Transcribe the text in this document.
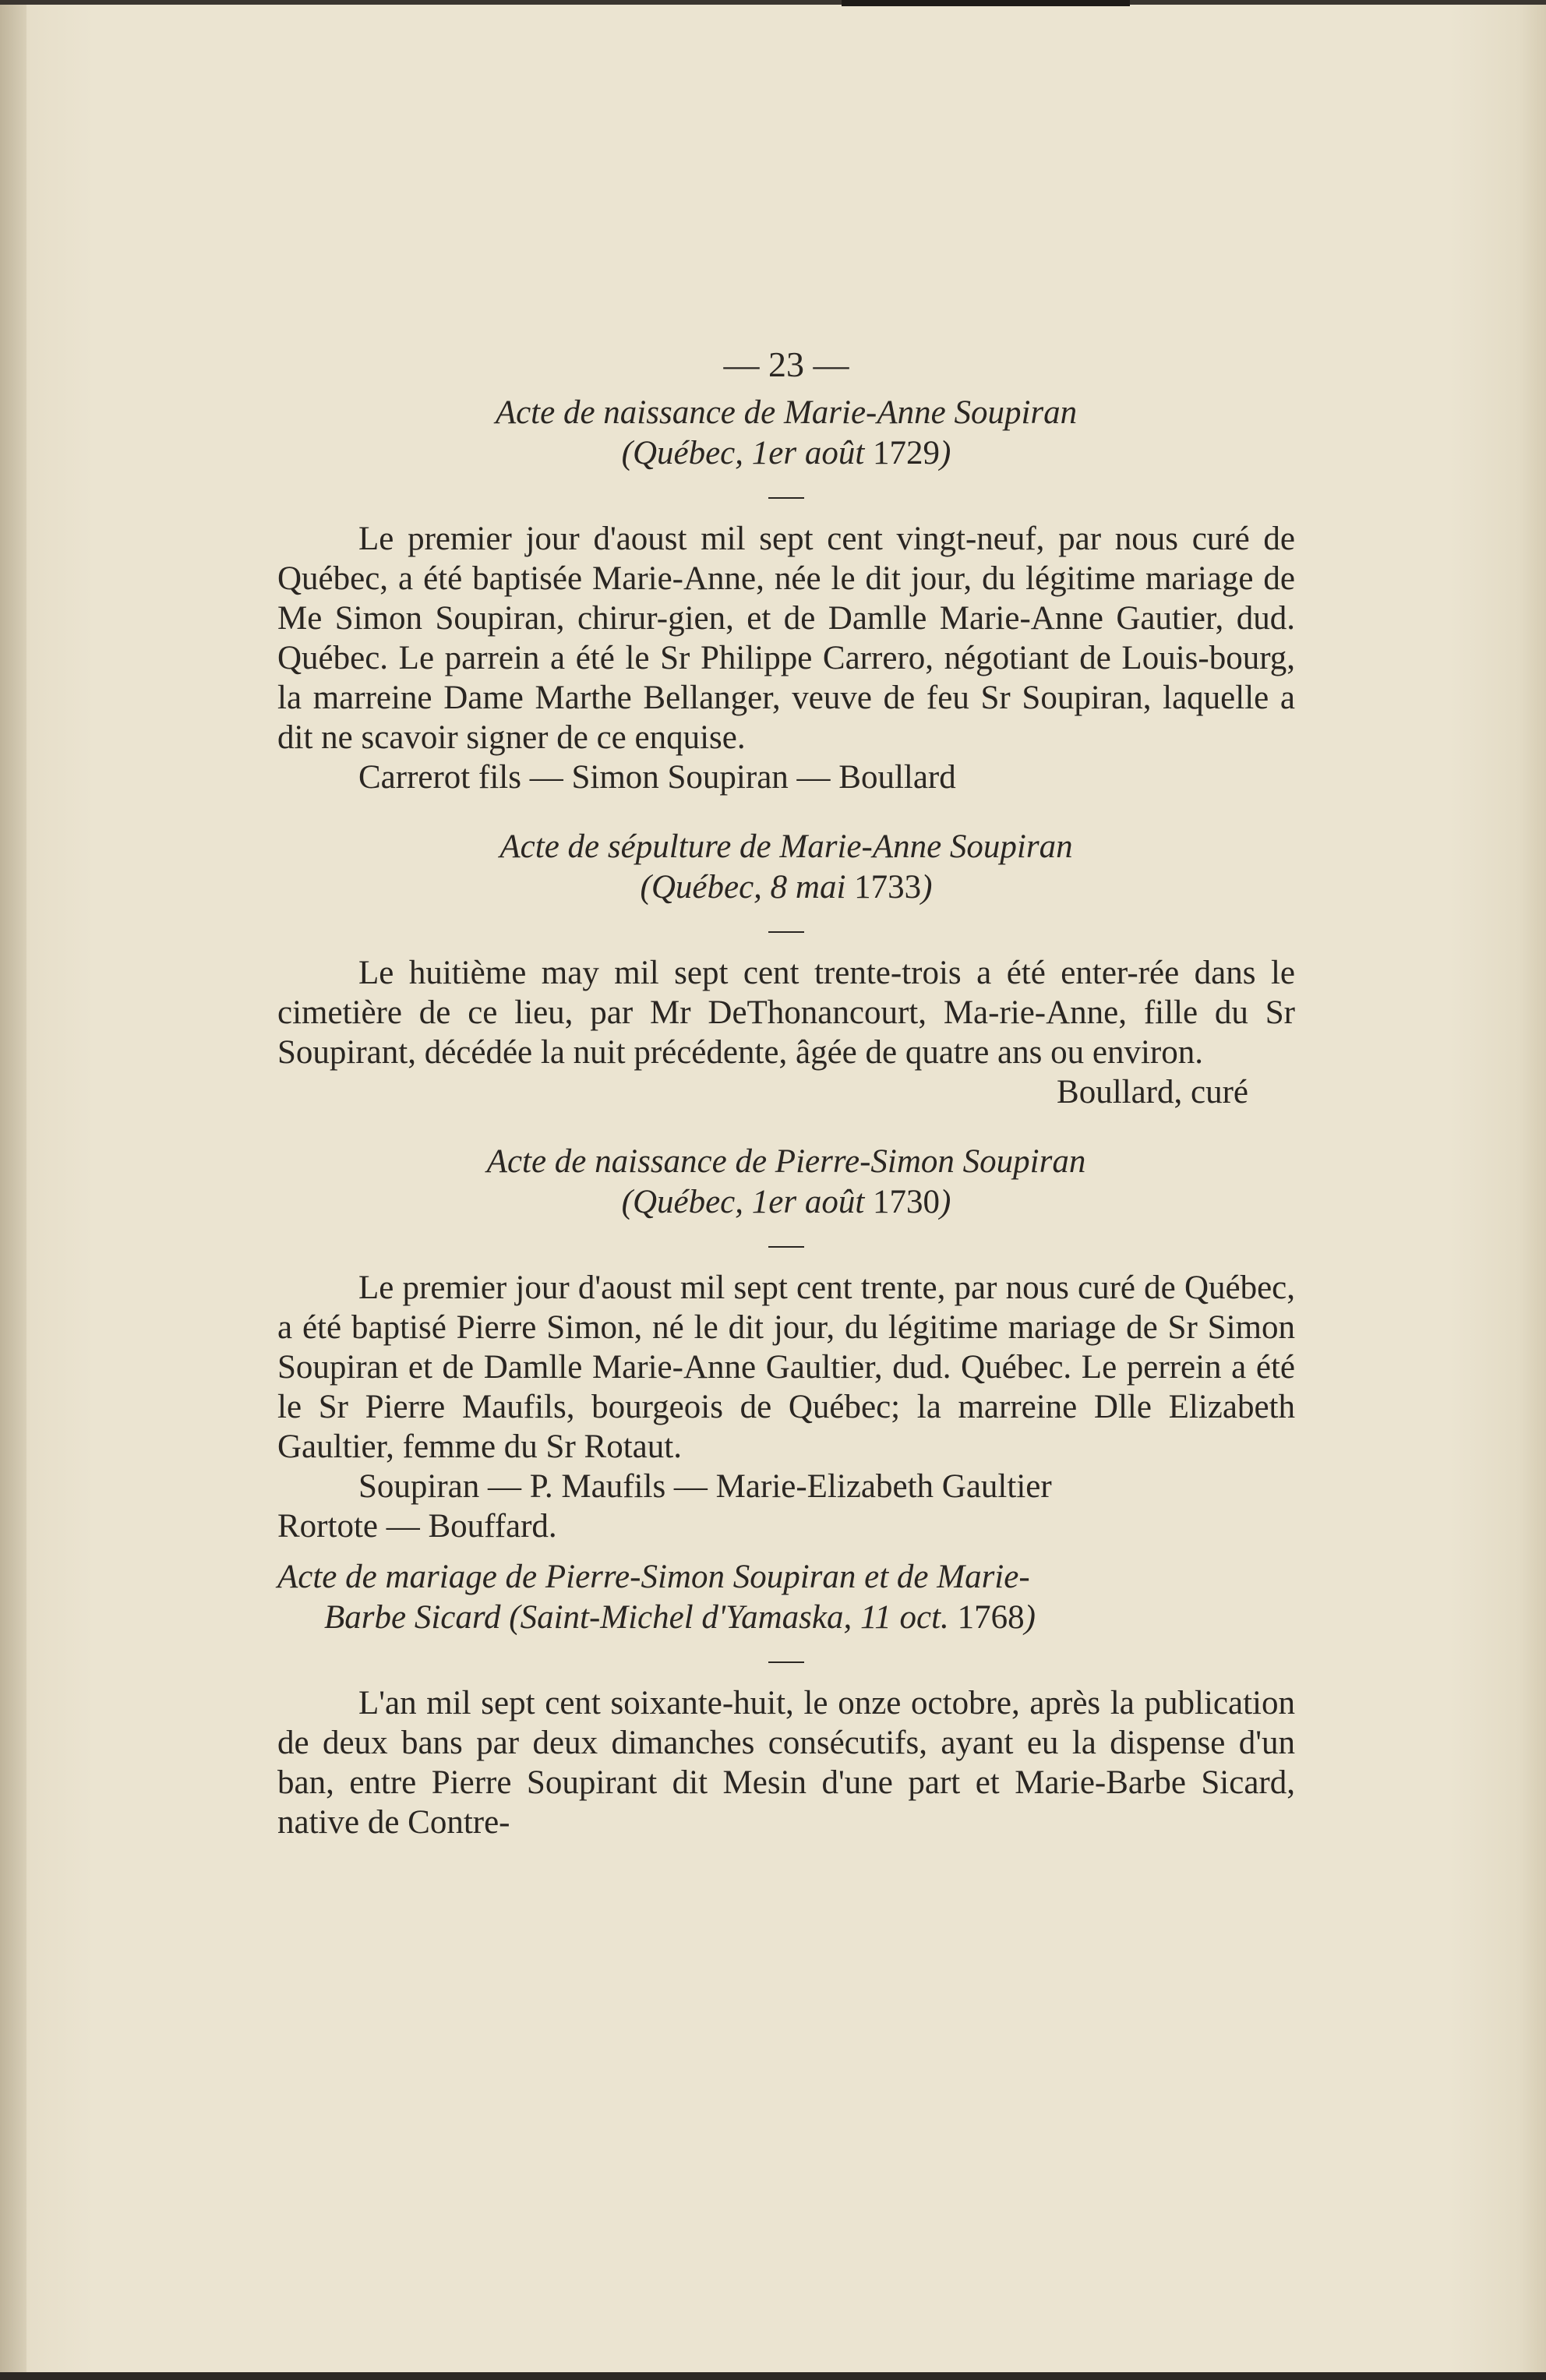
— 23 —

Acte de naissance de Marie-Anne Soupiran
(Québec, 1er août 1729)

Le premier jour d'aoust mil sept cent vingt-neuf, par nous curé de Québec, a été baptisée Marie-Anne, née le dit jour, du légitime mariage de Me Simon Soupiran, chirur-gien, et de Damlle Marie-Anne Gautier, dud. Québec. Le parrein a été le Sr Philippe Carrero, négotiant de Louis-bourg, la marreine Dame Marthe Bellanger, veuve de feu Sr Soupiran, laquelle a dit ne scavoir signer de ce enquise.

Carrerot fils — Simon Soupiran — Boullard

Acte de sépulture de Marie-Anne Soupiran
(Québec, 8 mai 1733)

Le huitième may mil sept cent trente-trois a été enter-rée dans le cimetière de ce lieu, par Mr DeThonancourt, Ma-rie-Anne, fille du Sr Soupirant, décédée la nuit précédente, âgée de quatre ans ou environ.

Boullard, curé

Acte de naissance de Pierre-Simon Soupiran
(Québec, 1er août 1730)

Le premier jour d'aoust mil sept cent trente, par nous curé de Québec, a été baptisé Pierre Simon, né le dit jour, du légitime mariage de Sr Simon Soupiran et de Damlle Marie-Anne Gaultier, dud. Québec. Le perrein a été le Sr Pierre Maufils, bourgeois de Québec; la marreine Dlle Elizabeth Gaultier, femme du Sr Rotaut.

Soupiran — P. Maufils — Marie-Elizabeth Gaultier

Rortote — Bouffard.

Acte de mariage de Pierre-Simon Soupiran et de Marie-
Barbe Sicard (Saint-Michel d'Yamaska, 11 oct. 1768)

L'an mil sept cent soixante-huit, le onze octobre, après la publication de deux bans par deux dimanches consécutifs, ayant eu la dispense d'un ban, entre Pierre Soupirant dit Mesin d'une part et Marie-Barbe Sicard, native de Contre-
